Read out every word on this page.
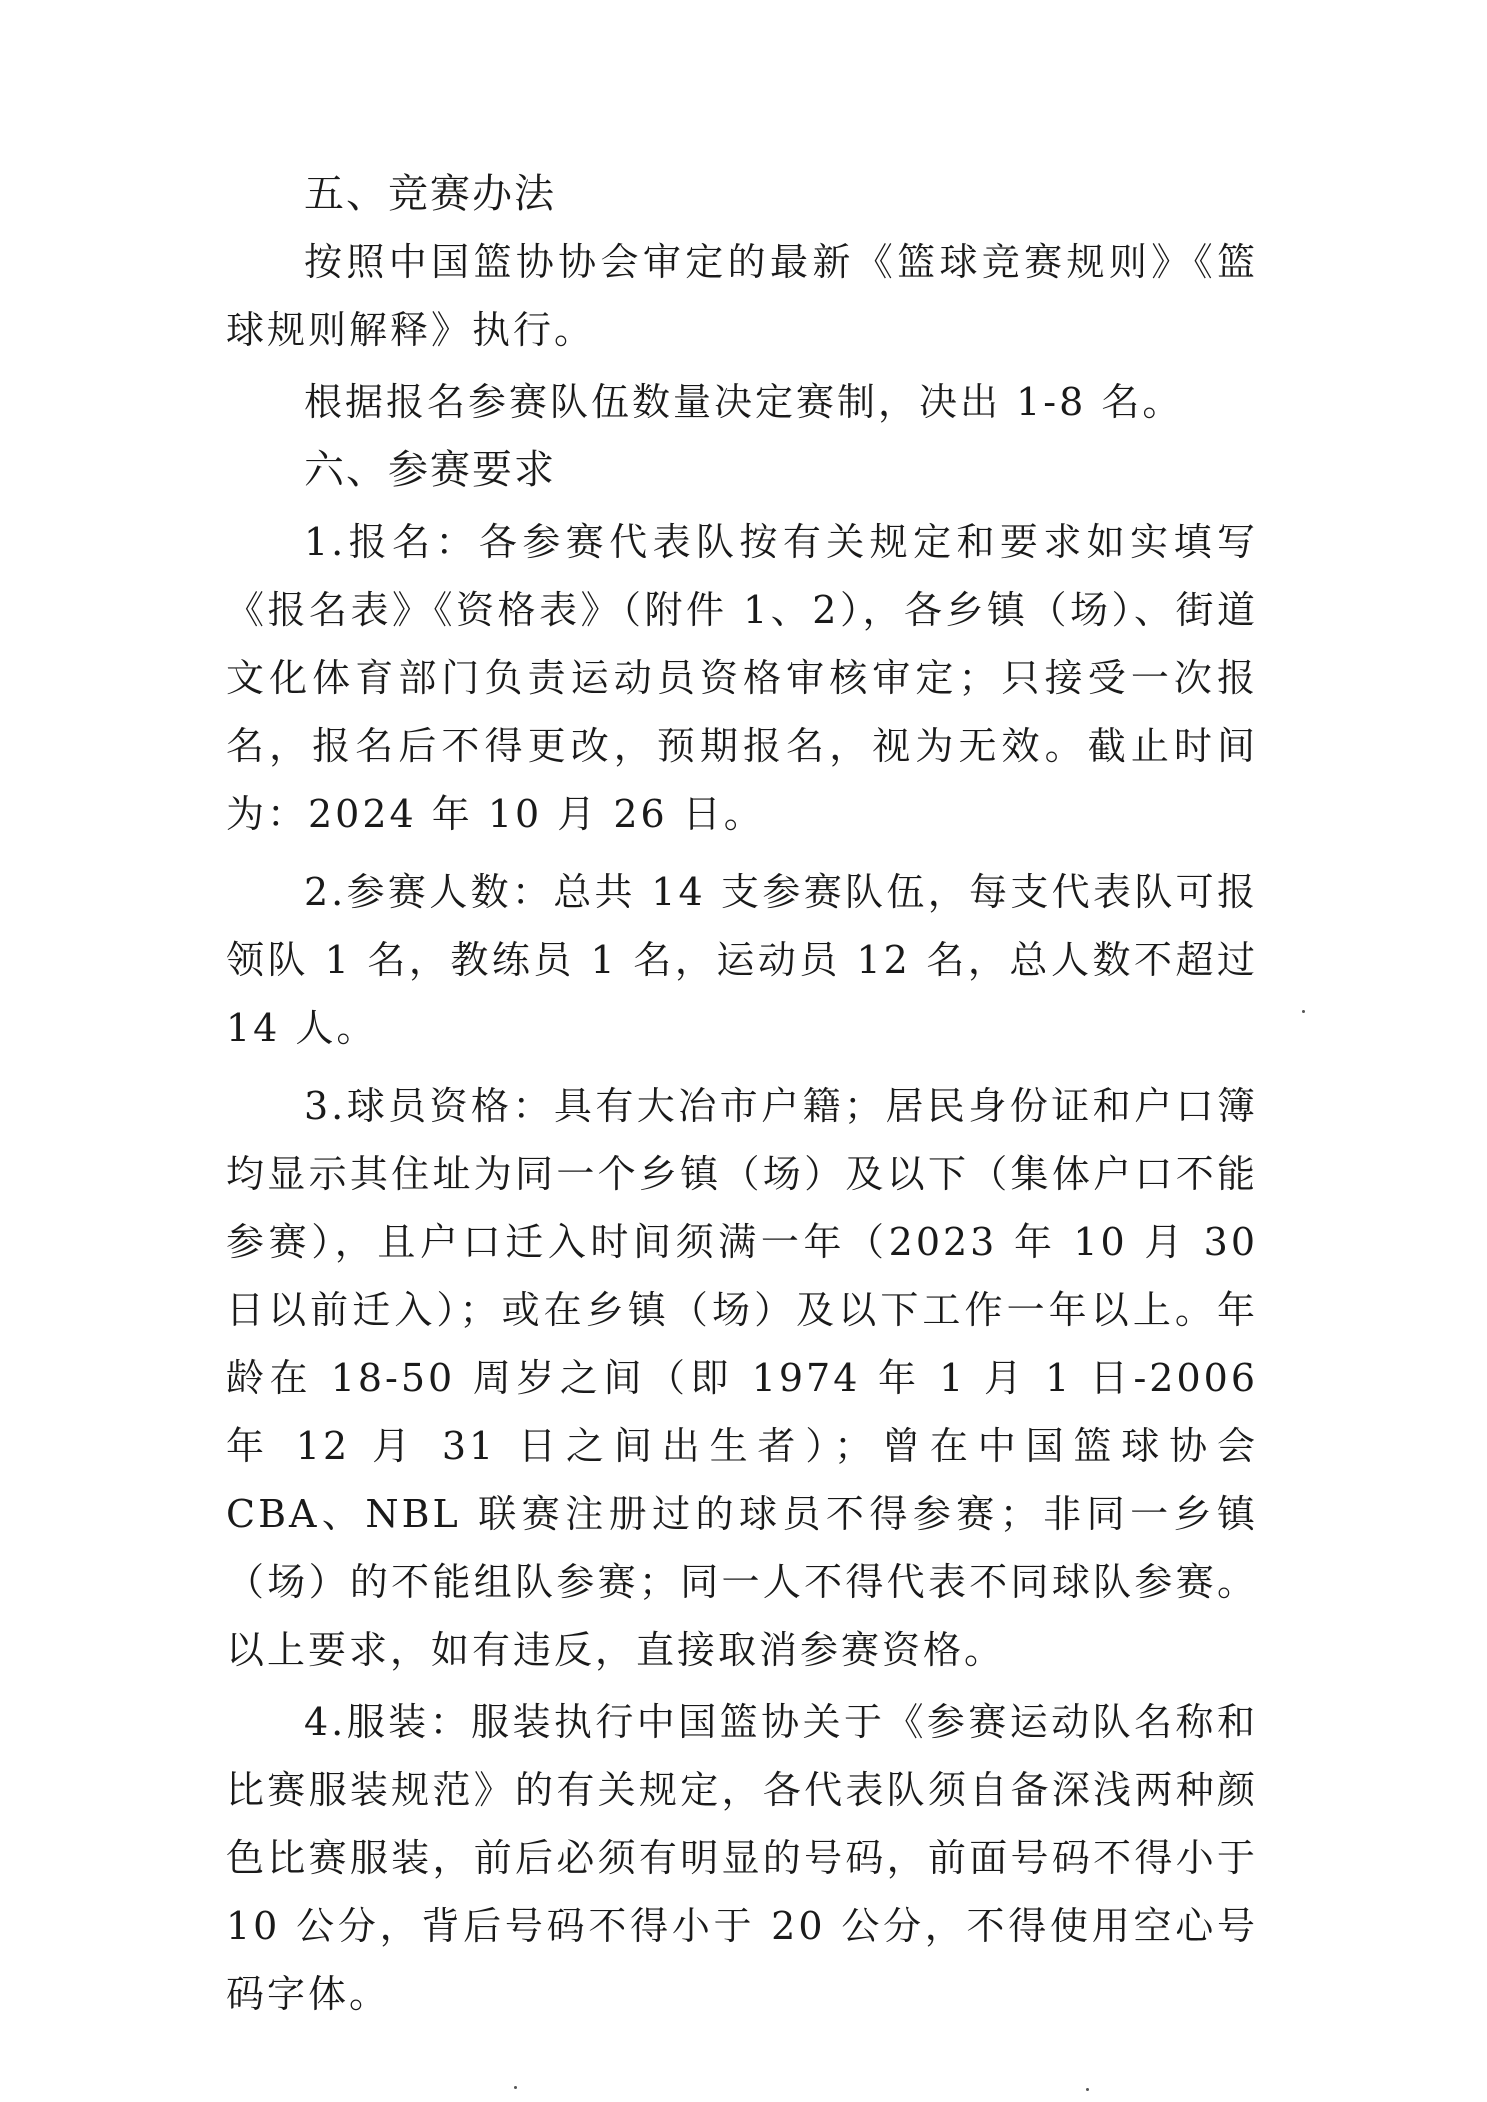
五、竞赛办法

按照中国篮协协会审定的最新《篮球竞赛规则》《篮球规则解释》执行。

根据报名参赛队伍数量决定赛制，决出 1-8 名。

六、参赛要求

1.报名：各参赛代表队按有关规定和要求如实填写《报名表》《资格表》（附件 1、2），各乡镇（场）、街道文化体育部门负责运动员资格审核审定；只接受一次报名，报名后不得更改，预期报名，视为无效。截止时间为：2024 年 10 月 26 日。

2.参赛人数：总共 14 支参赛队伍，每支代表队可报领队 1 名，教练员 1 名，运动员 12 名，总人数不超过 14 人。

3.球员资格：具有大冶市户籍；居民身份证和户口簿均显示其住址为同一个乡镇（场）及以下（集体户口不能参赛），且户口迁入时间须满一年（2023 年 10 月 30 日以前迁入）；或在乡镇（场）及以下工作一年以上。年龄在 18-50 周岁之间（即 1974 年 1 月 1 日-2006 年 12 月 31 日之间出生者）；曾在中国篮球协会 CBA、NBL 联赛注册过的球员不得参赛；非同一乡镇（场）的不能组队参赛；同一人不得代表不同球队参赛。以上要求，如有违反，直接取消参赛资格。

4.服装：服装执行中国篮协关于《参赛运动队名称和比赛服装规范》的有关规定，各代表队须自备深浅两种颜色比赛服装，前后必须有明显的号码，前面号码不得小于 10 公分，背后号码不得小于 20 公分，不得使用空心号码字体。
